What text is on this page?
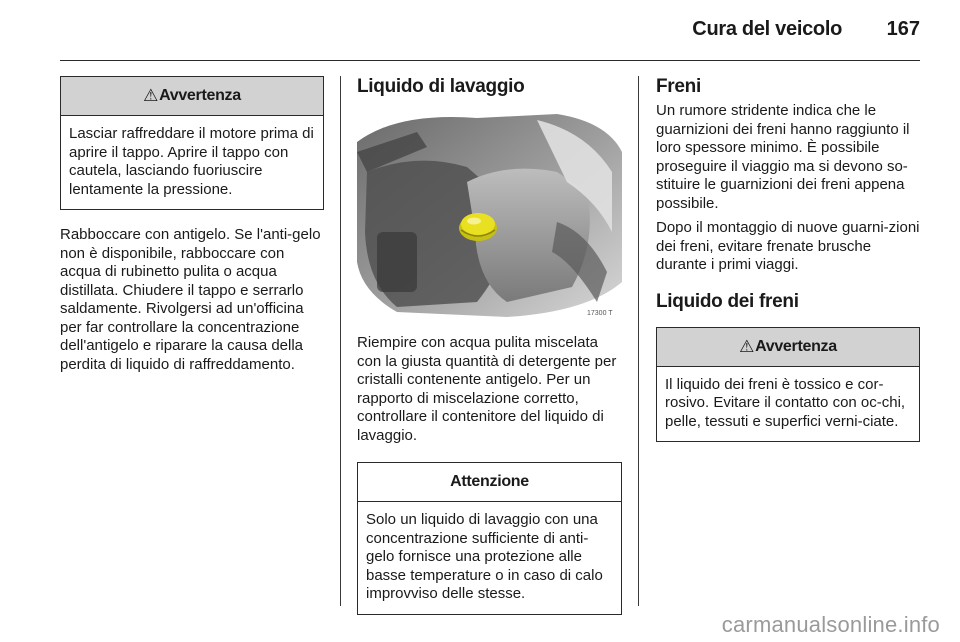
Cura del veicolo 167
⚠ Avvertenza
Lasciar raffreddare il motore prima di aprire il tappo. Aprire il tappo con cautela, lasciando fuoriuscire lentamente la pressione.

Rabboccare con antigelo. Se l'anti-gelo non è disponibile, rabboccare con acqua di rubinetto pulita o acqua distillata. Chiudere il tappo e serrarlo saldamente. Rivolgersi ad un'officina per far controllare la concentrazione dell'antigelo e riparare la causa della perdita di liquido di raffreddamento.

Liquido di lavaggio
17300 T

Riempire con acqua pulita miscelata con la giusta quantità di detergente per cristalli contenente antigelo. Per un rapporto di miscelazione corretto, controllare il contenitore del liquido di lavaggio.

Attenzione
Solo un liquido di lavaggio con una concentrazione sufficiente di anti-gelo fornisce una protezione alle basse temperature o in caso di calo improvviso delle stesse.
Freni

Un rumore stridente indica che le guarnizioni dei freni hanno raggiunto il loro spessore minimo. È possibile proseguire il viaggio ma si devono so-stituire le guarnizioni dei freni appena possibile.

Dopo il montaggio di nuove guarni-zioni dei freni, evitare frenate brusche durante i primi viaggi.

Liquido dei freni
⚠ Avvertenza
Il liquido dei freni è tossico e cor-rosivo. Evitare il contatto con oc-chi, pelle, tessuti e superfici verni-ciate.
carmanualsonline.info
